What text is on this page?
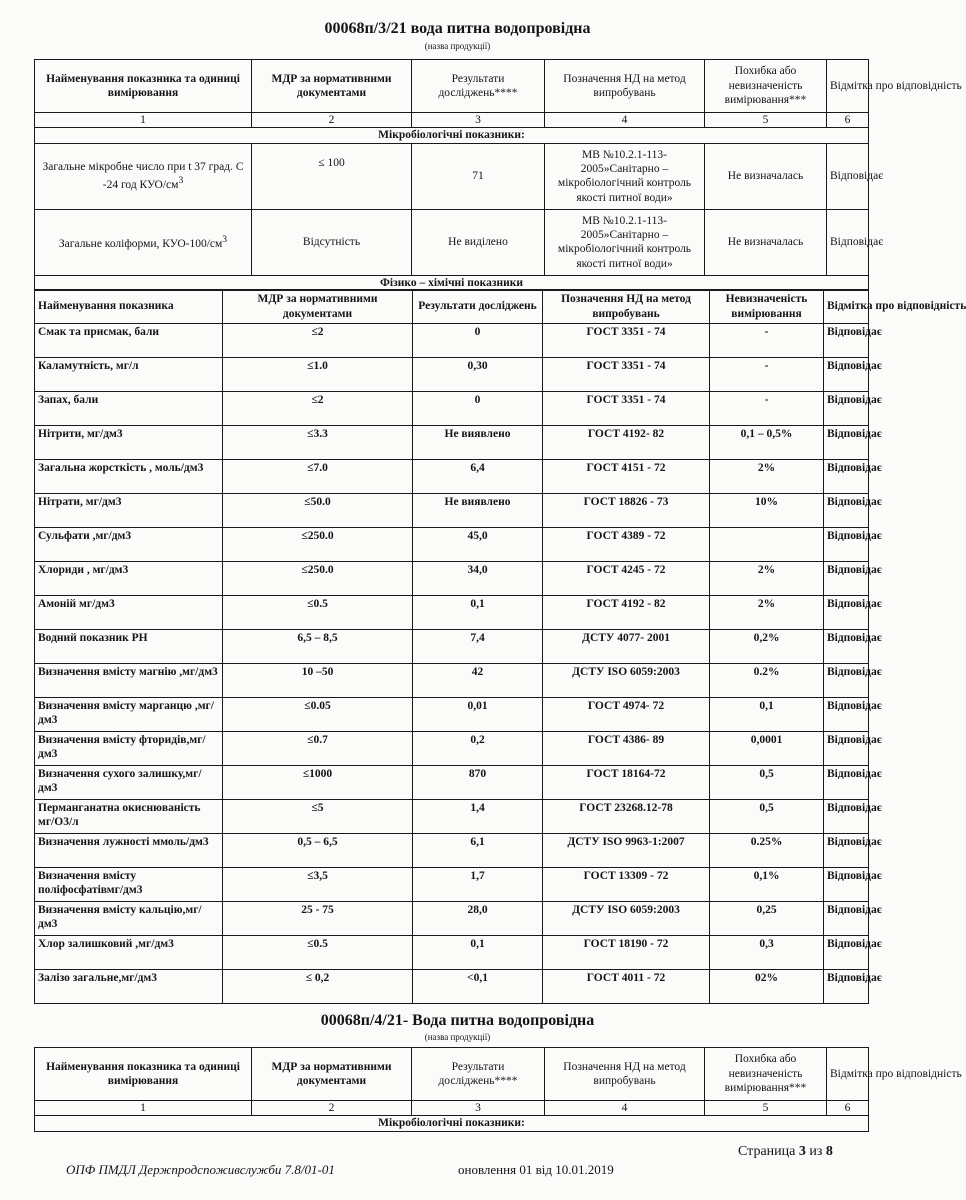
00068п/3/21 вода питна водопровідна
(назва продукції)
Найменування показника та одиниці вимірювання	МДР за нормативними документами	Результати досліджень****	Позначення НД на метод випробувань	Похибка або невизначеність вимірювання***	Відмітка про відповідність
1	2	3	4	5	6
Мікробіологічні показники:					
Загальне мікробне число при t 37 град. С -24 год КУО/$см^3$	≤ 100	71	МВ №10.2.1-113-2005»Санітарно – мікробіологічний контроль якості питної води»	Не визначалась	Відповідає
Загальне коліформи, КУО-$100/см^3$	Відсутність	Не виділено	МВ №10.2.1-113-2005»Санітарно – мікробіологічний контроль якості питної води»	Не визначалась	Відповідає
Фізико – хімічні показники					
Найменування показника	МДР за нормативними документами	Результати досліджень	Позначення НД на метод випробувань	Невизначеність вимірювання	Відмітка про відповідність
Смак та присмак, бали	≤2	0	ГОСТ 3351 - 74	-	Відповідає
Каламутність, мг/л	≤1.0	0,30	ГОСТ 3351 - 74	-	Відповідає
Запах, бали	≤2	0	ГОСТ 3351 - 74	-	Відповідає
Нітрити, мг/дм3	≤3.3	Не виявлено	ГОСТ 4192- 82	0,1 – 0,5%	Відповідає
Загальна жорсткість , моль/дм3	≤7.0	6,4	ГОСТ 4151 - 72	2%	Відповідає
Нітрати, мг/дм3	≤50.0	Не виявлено	ГОСТ 18826 - 73	10%	Відповідає
Сульфати ,мг/дм3	≤250.0	45,0	ГОСТ 4389 - 72		Відповідає
Хлориди , мг/дм3	≤250.0	34,0	ГОСТ 4245 - 72	2%	Відповідає
Амоній мг/дм3	≤0.5	0,1	ГОСТ 4192 - 82	2%	Відповідає
Водний показник РН	6,5 – 8,5	7,4	ДСТУ 4077- 2001	0,2%	Відповідає
Визначення вмісту магнію ,мг/дм3	10 –50	42	ДСТУ ISO 6059:2003	0.2%	Відповідає
Визначення вмісту марганцю ,мг/дм3	≤0.05	0,01	ГОСТ 4974- 72	0,1	Відповідає
Визначення вмісту фторидів,мг/дм3	≤0.7	0,2	ГОСТ 4386- 89	0,0001	Відповідає
Визначення сухого залишку,мг/дм3	≤1000	870	ГОСТ 18164-72	0,5	Відповідає
Перманганатна окиснюваність мг/О3/л	≤5	1,4	ГОСТ 23268.12-78	0,5	Відповідає
Визначення лужності ммоль/дм3	0,5 – 6,5	6,1	ДСТУ ISO 9963-1:2007	0.25%	Відповідає
Визначення вмісту поліфосфатівмг/дм3	≤3,5	1,7	ГОСТ 13309 - 72	0,1%	Відповідає
Визначення вмісту кальцію,мг/дм3	25 - 75	28,0	ДСТУ ISO 6059:2003	0,25	Відповідає
Хлор залишковий ,мг/дм3	≤0.5	0,1	ГОСТ 18190 - 72	0,3	Відповідає
Залізо загальне,мг/дм3	≤ 0,2	<0,1	ГОСТ 4011 - 72	02%	Відповідає
00068п/4/21- Вода питна водопровідна
(назва продукції)
Найменування показника та одиниці вимірювання	МДР за нормативними документами	Результати досліджень****	Позначення НД на метод випробувань	Похибка або невизначеність вимірювання***	Відмітка про відповідність
1	2	3	4	5	6
Мікробіологічні показники:					
Страница 3 из 8
ОПФ ПМДЛ Держпродспоживслужби 7.8/01-01	оновлення 01 від 10.01.2019
